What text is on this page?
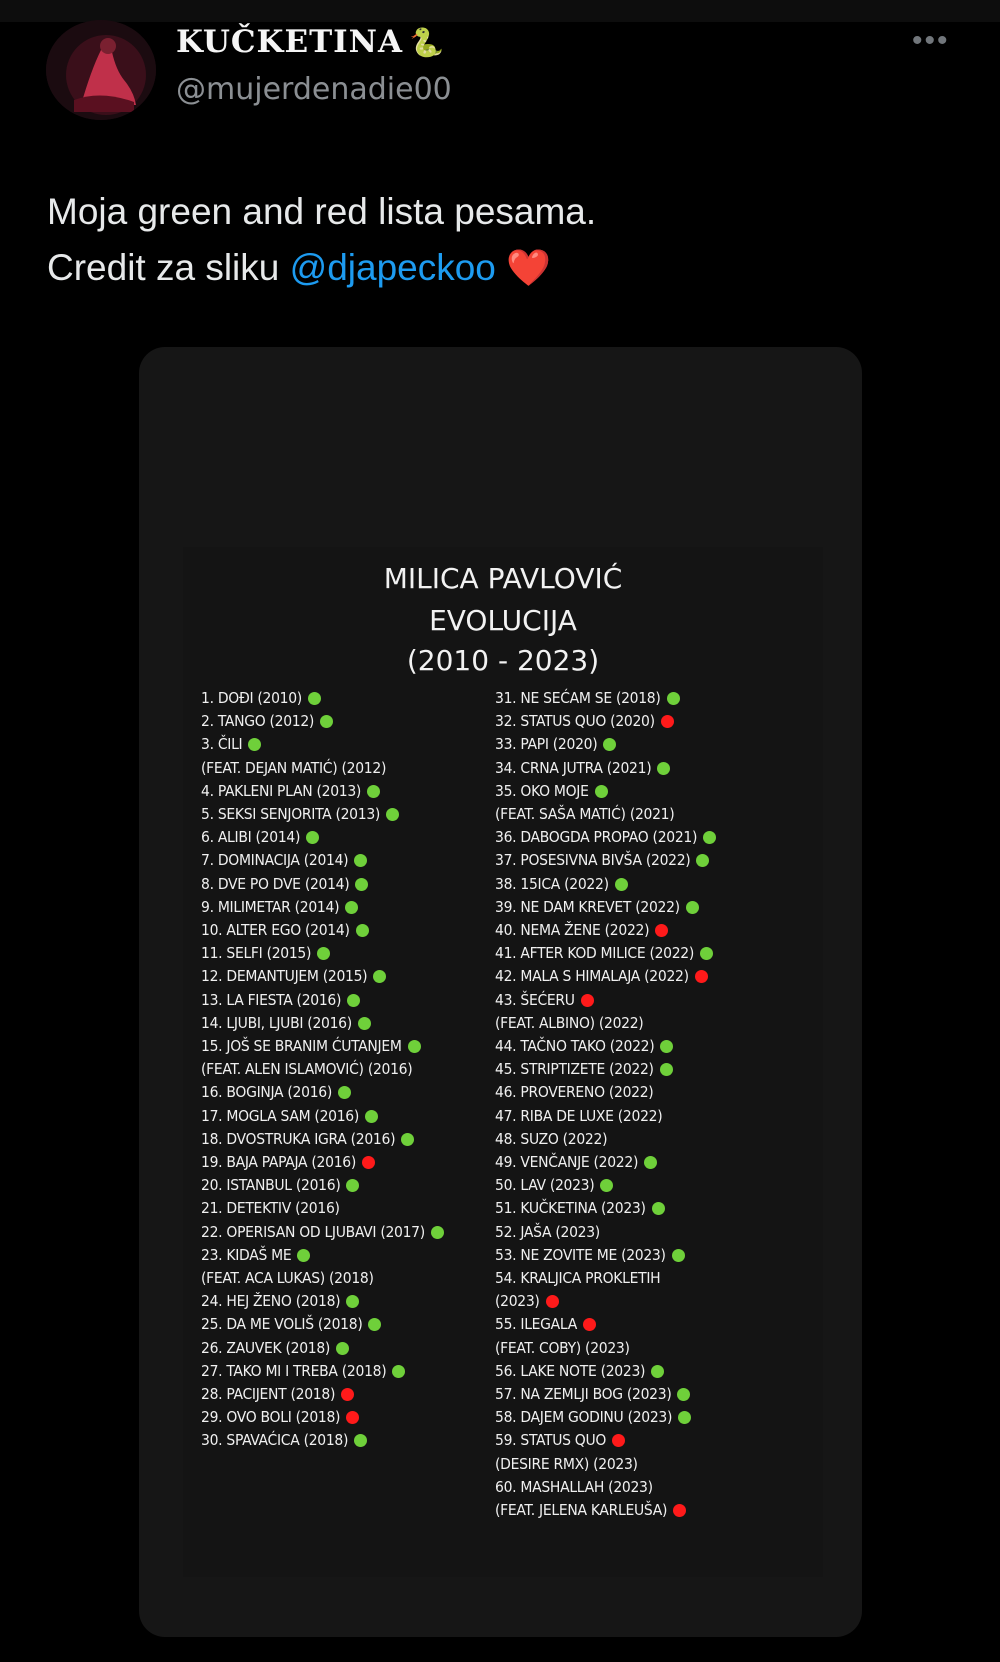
KUČKETINA 🐍
@mujerdenadie00
•••
Moja green and red lista pesama.
Credit za sliku @djapeckoo ❤️
MILICA PAVLOVIĆ
EVOLUCIJA
(2010 - 2023)
1. DOĐI (2010)
2. TANGO (2012)
3. ČILI
(FEAT. DEJAN MATIĆ) (2012)
4. PAKLENI PLAN (2013)
5. SEKSI SENJORITA (2013)
6. ALIBI (2014)
7. DOMINACIJA (2014)
8. DVE PO DVE (2014)
9. MILIMETAR (2014)
10. ALTER EGO (2014)
11. SELFI (2015)
12. DEMANTUJEM (2015)
13. LA FIESTA (2016)
14. LJUBI, LJUBI (2016)
15. JOŠ SE BRANIM ĆUTANJEM
(FEAT. ALEN ISLAMOVIĆ) (2016)
16. BOGINJA (2016)
17. MOGLA SAM (2016)
18. DVOSTRUKA IGRA (2016)
19. BAJA PAPAJA (2016)
20. ISTANBUL (2016)
21. DETEKTIV (2016)
22. OPERISAN OD LJUBAVI (2017)
23. KIDAŠ ME
(FEAT. ACA LUKAS) (2018)
24. HEJ ŽENO (2018)
25. DA ME VOLIŠ (2018)
26. ZAUVEK (2018)
27. TAKO MI I TREBA (2018)
28. PACIJENT (2018)
29. OVO BOLI (2018)
30. SPAVAĆICA (2018)
31. NE SEĆAM SE (2018)
32. STATUS QUO (2020)
33. PAPI (2020)
34. CRNA JUTRA (2021)
35. OKO MOJE
(FEAT. SAŠA MATIĆ) (2021)
36. DABOGDA PROPAO (2021)
37. POSESIVNA BIVŠA (2022)
38. 15ICA (2022)
39. NE DAM KREVET (2022)
40. NEMA ŽENE (2022)
41. AFTER KOD MILICE (2022)
42. MALA S HIMALAJA (2022)
43. ŠEĆERU
(FEAT. ALBINO) (2022)
44. TAČNO TAKO (2022)
45. STRIPTIZETE (2022)
46. PROVERENO (2022)
47. RIBA DE LUXE (2022)
48. SUZO (2022)
49. VENČANJE (2022)
50. LAV (2023)
51. KUČKETINA (2023)
52. JAŠA (2023)
53. NE ZOVITE ME (2023)
54. KRALJICA PROKLETIH
(2023)
55. ILEGALA
(FEAT. COBY) (2023)
56. LAKE NOTE (2023)
57. NA ZEMLJI BOG (2023)
58. DAJEM GODINU (2023)
59. STATUS QUO
(DESIRE RMX) (2023)
60. MASHALLAH (2023)
(FEAT. JELENA KARLEUŠA)
